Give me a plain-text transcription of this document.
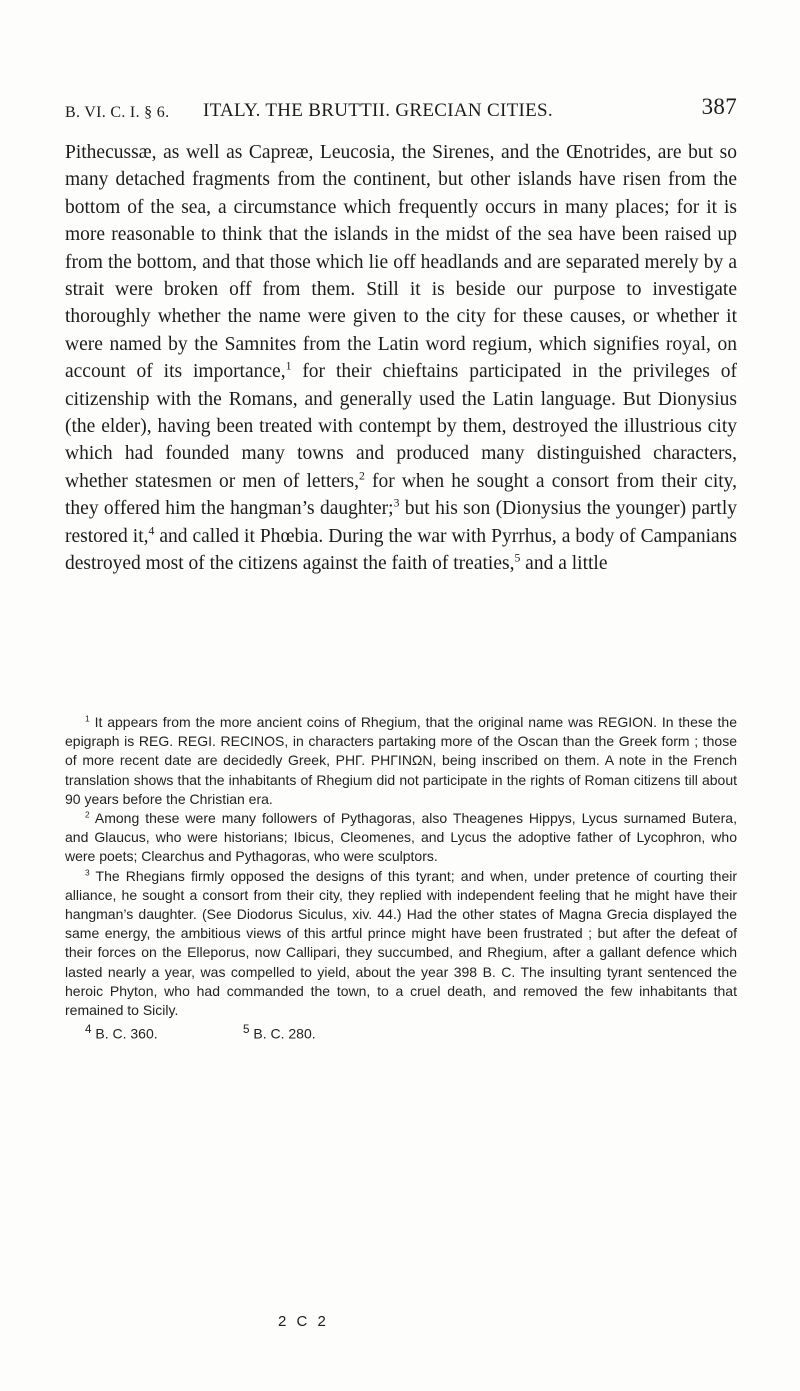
B. VI. C. I. § 6. ITALY. THE BRUTTII. GRECIAN CITIES.	387

Pithecussæ, as well as Capreæ, Leucosia, the Sirenes, and the Œnotrides, are but so many detached fragments from the continent, but other islands have risen from the bottom of the sea, a circumstance which frequently occurs in many places; for it is more reasonable to think that the islands in the midst of the sea have been raised up from the bottom, and that those which lie off headlands and are separated merely by a strait were broken off from them. Still it is beside our purpose to investigate thoroughly whether the name were given to the city for these causes, or whether it were named by the Samnites from the Latin word regium, which signifies royal, on account of its importance,$^1$ for their chieftains participated in the privileges of citizenship with the Romans, and generally used the Latin language. But Dionysius (the elder), having been treated with contempt by them, destroyed the illustrious city which had founded many towns and produced many distinguished characters, whether statesmen or men of letters,$^2$ for when he sought a consort from their city, they offered him the hangman’s daughter;$^3$ but his son (Dionysius the younger) partly restored it,$^4$ and called it Phœbia. During the war with Pyrrhus, a body of Campanians destroyed most of the citizens against the faith of treaties,$^5$ and a little

$^1$ It appears from the more ancient coins of Rhegium, that the original name was REGION. In these the epigraph is REG. REGI. RECINOS, in characters partaking more of the Oscan than the Greek form ; those of more recent date are decidedly Greek, PHΓ. PHΓINΩN, being inscribed on them. A note in the French translation shows that the inhabitants of Rhegium did not participate in the rights of Roman citizens till about 90 years before the Christian era.

$^2$ Among these were many followers of Pythagoras, also Theagenes Hippys, Lycus surnamed Butera, and Glaucus, who were historians; Ibicus, Cleomenes, and Lycus the adoptive father of Lycophron, who were poets; Clearchus and Pythagoras, who were sculptors.

$^3$ The Rhegians firmly opposed the designs of this tyrant; and when, under pretence of courting their alliance, he sought a consort from their city, they replied with independent feeling that he might have their hangman’s daughter. (See Diodorus Siculus, xiv. 44.) Had the other states of Magna Grecia displayed the same energy, the ambitious views of this artful prince might have been frustrated ; but after the defeat of their forces on the Elleporus, now Callipari, they succumbed, and Rhegium, after a gallant defence which lasted nearly a year, was compelled to yield, about the year 398 B. C. The insulting tyrant sentenced the heroic Phyton, who had commanded the town, to a cruel death, and removed the few inhabitants that remained to Sicily.

$^4$ B. C. 360.	$^5$ B. C. 280.
2 C 2
